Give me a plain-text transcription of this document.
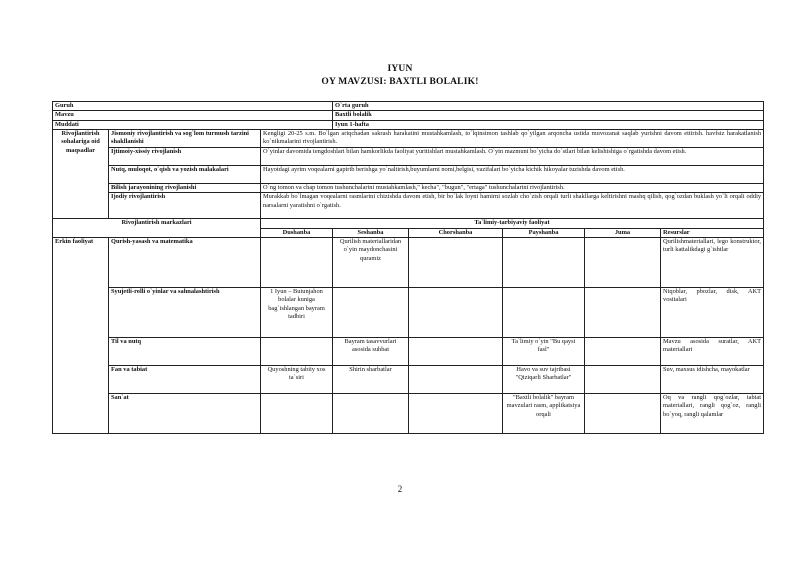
IYUN
OY MAVZUSI: BAXTLI BOLALIK!
Guruh			O`rta guruh				
Mavzu			Baxtli bolalik				
Muddati			Iyun 1-hafta				
Rivojlantirish sohalariga oid maqsadlar	Jismoniy rivojlantirish va sog`lom turmush tarzini shakllanishi	Kengligi 20-25 s.m. Bo`lgan ariqchadan sakrash harakatini mustahkamlash, to`lqinsimon tashlab qo`yilgan arqoncha ustida muvozanat saqlab yurishni davom ettirish. havfsiz harakatlanish ko`nikmalarini rivojlantirish.					
	Ijtimoiy-xissiy rivojlanish	O`yinlar davomida tengdoshlari bilan hamkorlikda faoliyat yuritishlari mustahkamlash. O`yin mazmuni bo`yicha do`stlari bilan kelishishiga o`rgatishda davom etish.					
	Nutq, muloqot, o`qish va yozish malakalari	Hayotdagi ayrim voqealarni gapirib berishga yo`naltirish,buyumlarni nomi,belgisi, vazifalari bo`yicha kichik hikoyalar tuzishda davom etish.					
	Bilish jarayonining rivojlanishi	O`ng tomon va chap tomon tushunchalarini mustahkamlash," kecha", "bugun", "ertaga" tushunchalarini rivojlantirish.					
	Ijodiy rivojlantirish	Murakkab bo`lmagan voqealarni rasmlarini chizishda davom etish, bir bo`lak loyni hamirni sozlab cho`zish orqali turli shakllarga keltirishni mashq qilish, qog`ozdan buklash yo`li orqali oddiy narsalarni yaratishni o`rgatish.					
Rivojlantirish markazlari		Ta`limiy-tarbiyaviy faoliyat					
		Dushanba	Seshanba	Chorshanba	Payshanba	Juma	Resurslar
Erkin faoliyat	Qurish-yasash va matematika		Qurilish materiallaridan o`yin maydonchasini quramiz				Qurilishmateriallari, lego konstruktor, turli kattalikdagi g`ishtlar
	Syujetli-rolli o`yinlar va sahnalashtirish	1 Iyun – Butunjahon bolalar kuniga bag`ishlangan bayram tadbiri					Niqoblar, pbozlar, disk, AKT vositalari
	Til va nutq		Bayram tasavvurlari asosida suhbat		Ta`limiy o`yin "Bu qaysi fasl"		Mavzu asosida suratlar, AKT materiallari
	Fan va tabiat	Quyoshning tabiiy xos ta`siri	Shirin sharbatlar		Havo va suv tajribasi "Qiziqarli Sharbatlar"		Suv, maxsus idishcha, mayokatlar
	San`at				"Baxtli bolalik" bayram mavzulari rasm, applikatsiya orqali		Oq va rangli qog`ozlar, tabiat materiallari, rangli qog`oz, rangli bo`yoq, rangli qalamlar
2
